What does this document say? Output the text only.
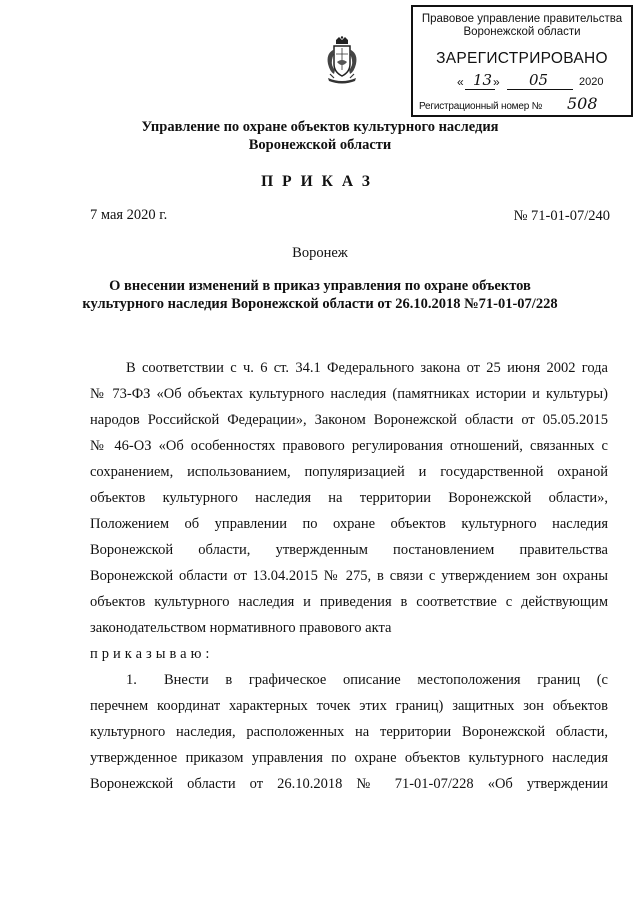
Правовое управление правительства
Воронежской области
ЗАРЕГИСТРИРОВАНО
« 13 » 05	2020
Регистрационный номер № 508
Управление по охране объектов культурного наследия
Воронежской области
ПРИКАЗ
7 мая 2020 г.	№ 71-01-07/240
Воронеж
О внесении изменений в приказ управления по охране объектов
культурного наследия Воронежской области от 26.10.2018 №71-01-07/228
В соответствии с ч. 6 ст. 34.1 Федерального закона от 25 июня 2002 года
№ 73-ФЗ «Об объектах культурного наследия (памятниках истории и культуры)
народов Российской Федерации», Законом Воронежской области от 05.05.2015
№ 46-ОЗ «Об особенностях правового регулирования отношений, связанных с
сохранением, использованием, популяризацией и государственной охраной
объектов культурного наследия на территории Воронежской области»,
Положением об управлении по охране объектов культурного наследия
Воронежской области, утвержденным постановлением правительства
Воронежской области от 13.04.2015 № 275, в связи с утверждением зон охраны
объектов культурного наследия и приведения в соответствие с действующим
законодательством нормативного правового акта
приказываю:
1. Внести в графическое описание местоположения границ (с
перечнем координат характерных точек этих границ) защитных зон объектов
культурного наследия, расположенных на территории Воронежской области,
утвержденное приказом управления по охране объектов культурного наследия
Воронежской области от 26.10.2018 № 71-01-07/228 «Об утверждении
